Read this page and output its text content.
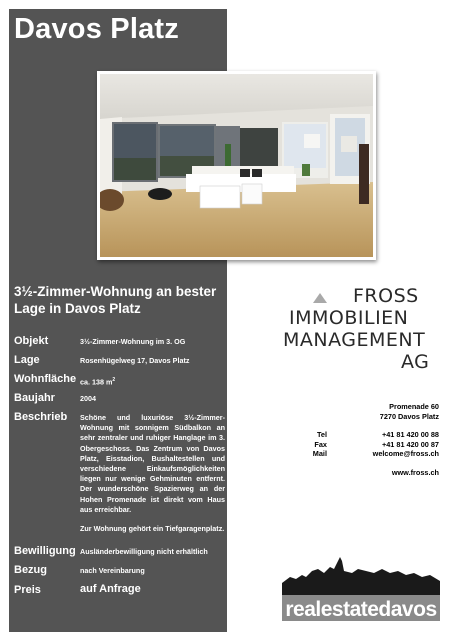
Davos Platz
3½-Zimmer-Wohnung an bester
Lage in Davos Platz
Objekt	3½-Zimmer-Wohnung im 3. OG
Lage	Rosenhügelweg 17, Davos Platz
Wohnfläche ca. 138 $m^2$
Baujahr	2004
Beschrieb Schöne und luxuriöse 3½-Zimmer-Wohnung mit sonnigem Südbalkon an sehr zentraler und ruhiger Hanglage im 3. Obergeschoss. Das Zentrum von Davos Platz, Eisstadion, Bushaltestellen und verschiedene Einkaufsmöglichkeiten liegen nur wenige Gehminuten entfernt. Der wunderschöne Spazierweg an der Hohen Promenade ist direkt vom Haus aus erreichbar.
Zur Wohnung gehört ein Tiefgaragenplatz.
Bewilligung Ausländerbewilligung nicht erhältlich
Bezug	nach Vereinbarung
Preis	auf Anfrage
FROSS
IMMOBILIEN
MANAGEMENT
AG
Promenade 60
7270 Davos Platz
Tel	+41 81 420 00 88
Fax	+41 81 420 00 87
Mail	welcome@fross.ch
www.fross.ch
realestatedavos
